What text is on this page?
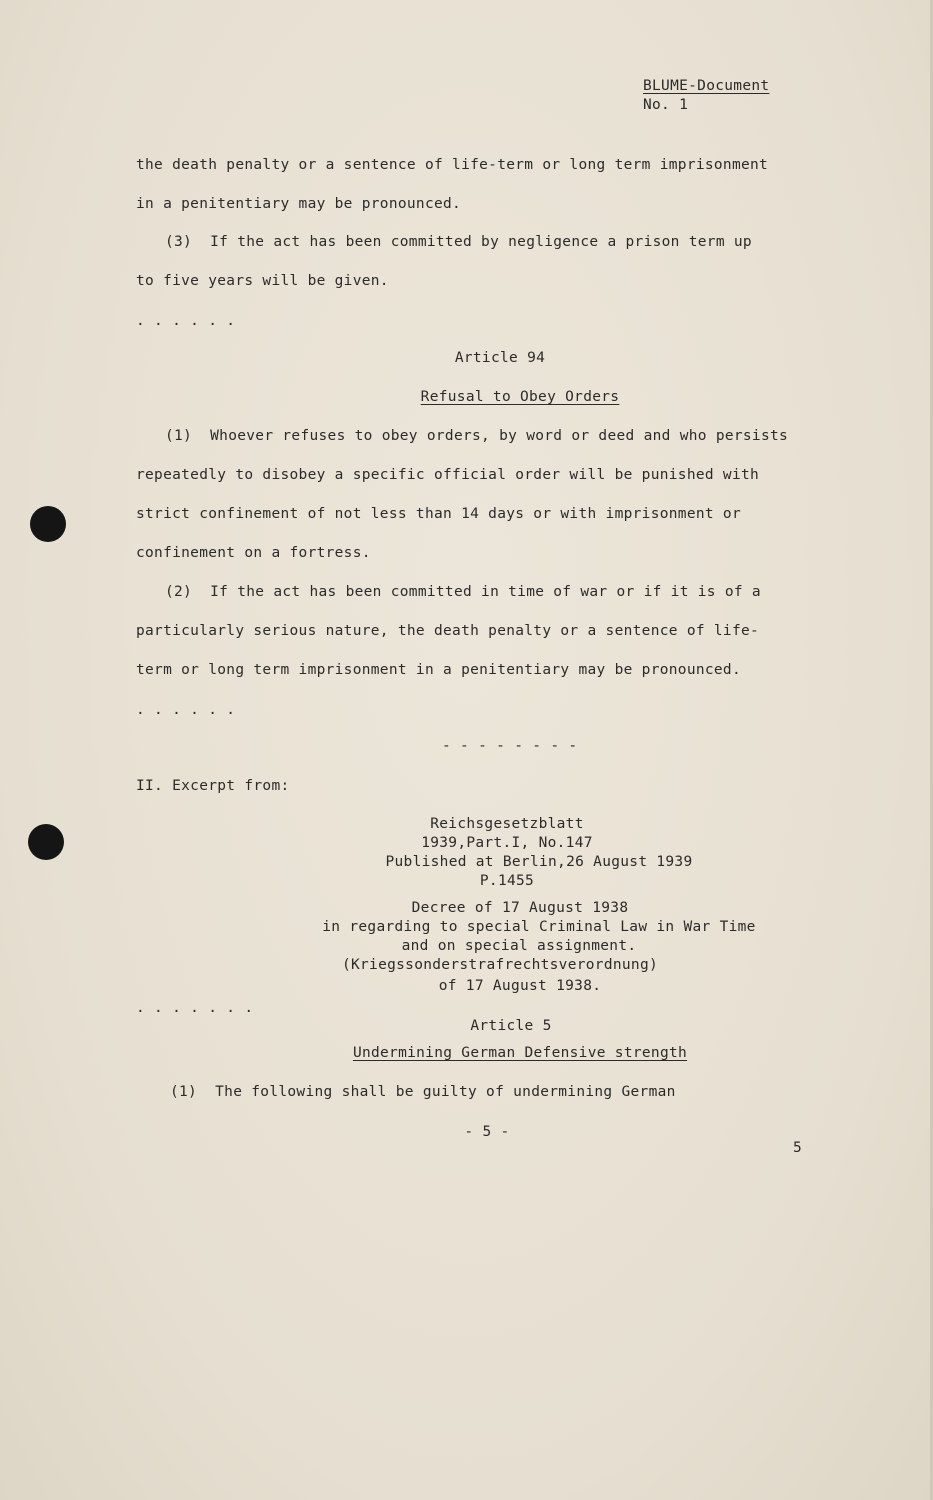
BLUME-Document
No. 1
the death penalty or a sentence of life-term or long term imprisonment
in a penitentiary may be pronounced.
(3)  If the act has been committed by negligence a prison term up
to five years will be given.
. . . . . .
Article 94
Refusal to Obey Orders
(1)  Whoever refuses to obey orders, by word or deed and who persists
repeatedly to disobey a specific official order will be punished with
strict confinement of not less than 14 days or with imprisonment or
confinement on a fortress.
(2)  If the act has been committed in time of war or if it is of a
particularly serious nature, the death penalty or a sentence of life-
term or long term imprisonment in a penitentiary may be pronounced.
. . . . . .
- - - - - - - -
II. Excerpt from:
Reichsgesetzblatt
1939,Part.I, No.147
Published at Berlin,26 August 1939
P.1455
Decree of 17 August 1938
in regarding to special Criminal Law in War Time
and on special assignment.
(Kriegssonderstrafrechtsverordnung)
of 17 August 1938.
. . . . . . .
Article 5
Undermining German Defensive strength
(1)  The following shall be guilty of undermining German
- 5 -
5
